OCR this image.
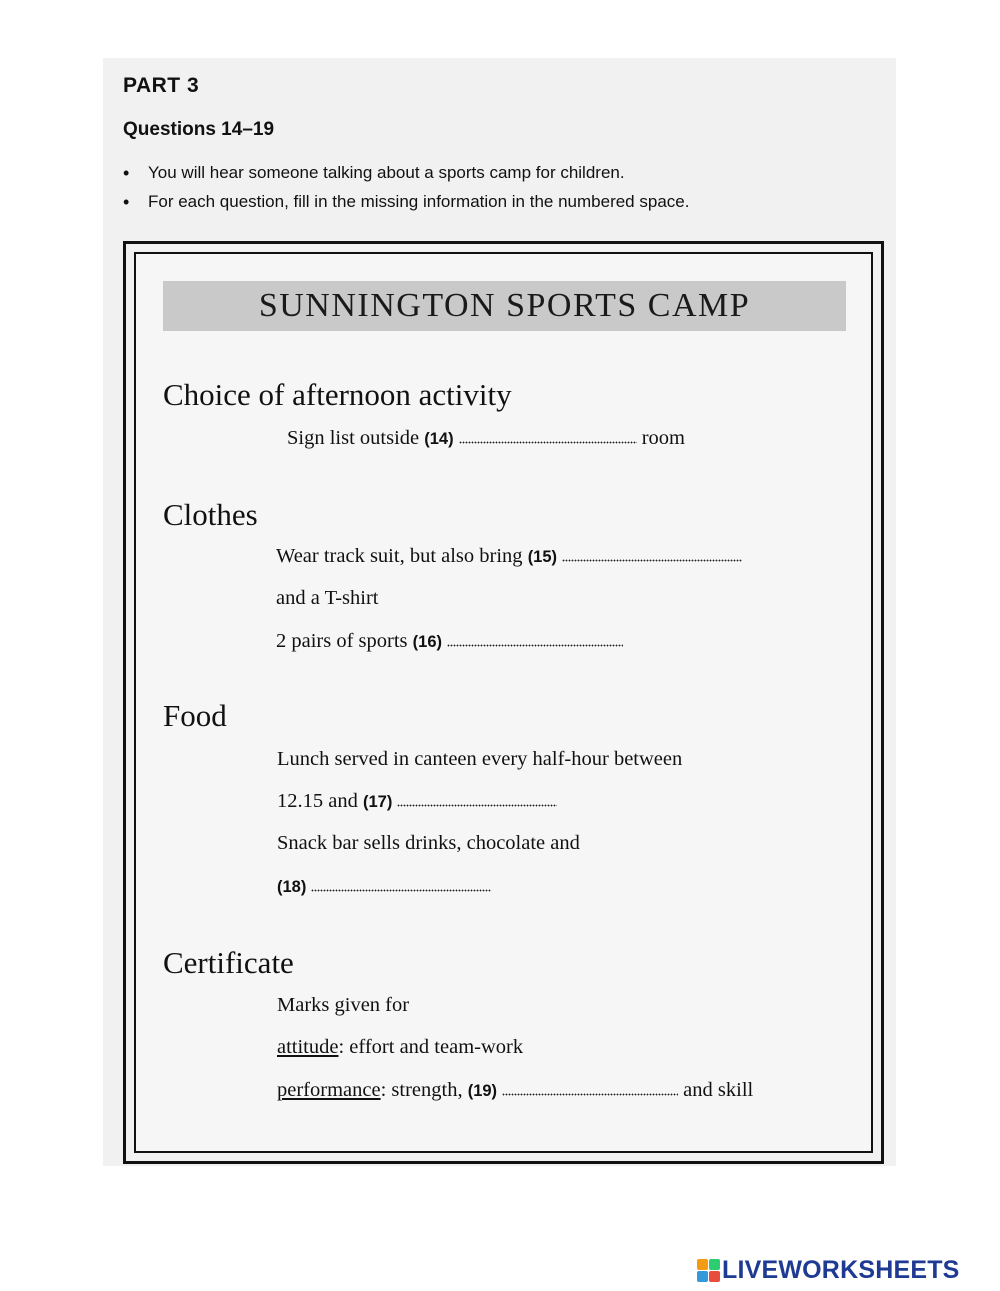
PART 3
Questions 14–19
• You will hear someone talking about a sports camp for children.
• For each question, fill in the missing information in the numbered space.
SUNNINGTON SPORTS CAMP
Choice of afternoon activity
Sign list outside (14)	room
Clothes
Wear track suit, but also bring (15)
and a T-shirt
2 pairs of sports (16)
Food
Lunch served in canteen every half-hour between
12.15 and (17)
Snack bar sells drinks, chocolate and
(18)
Certificate
Marks given for
attitude: effort and team-work
performance: strength, (19)	and skill
LIVEWORKSHEETS
